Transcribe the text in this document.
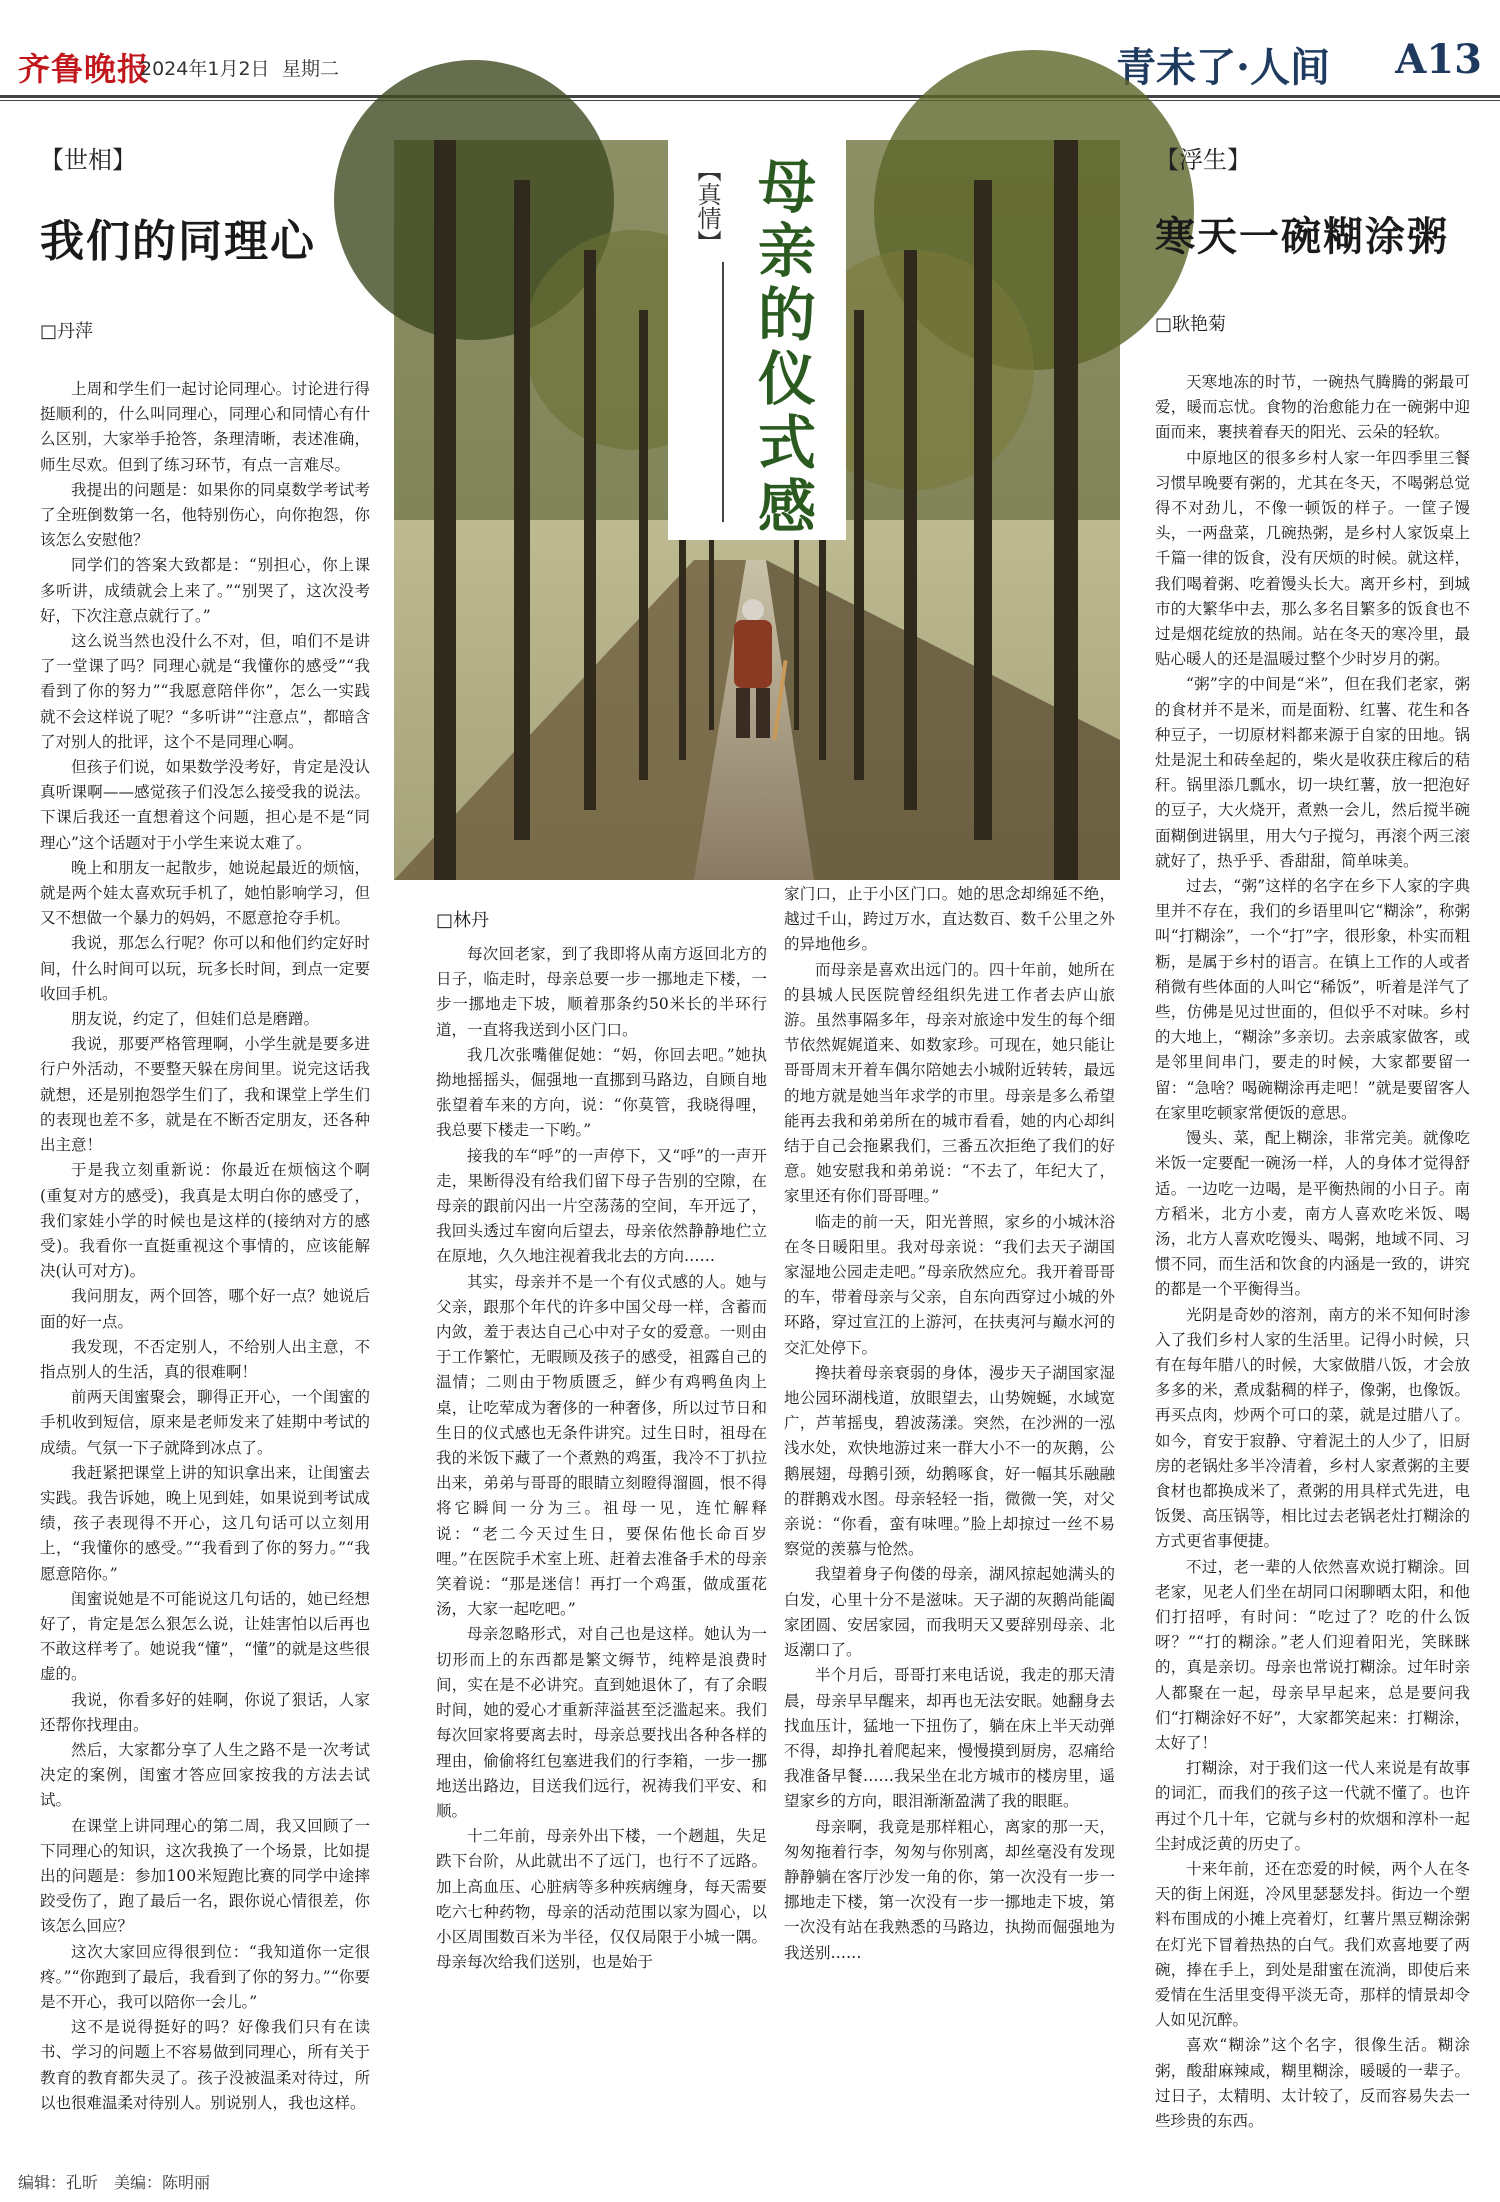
齐鲁晚报
2024年1月2日 星期二	青未了·人间 A13
【世相】
我们的同理心
□丹萍

上周和学生们一起讨论同理心。讨论进行得挺顺利的，什么叫同理心，同理心和同情心有什么区别，大家举手抢答，条理清晰，表述准确，师生尽欢。但到了练习环节，有点一言难尽。

我提出的问题是：如果你的同桌数学考试考了全班倒数第一名，他特别伤心，向你抱怨，你该怎么安慰他？

同学们的答案大致都是：“别担心，你上课多听讲，成绩就会上来了。”“别哭了，这次没考好，下次注意点就行了。”

这么说当然也没什么不对，但，咱们不是讲了一堂课了吗？同理心就是“我懂你的感受”“我看到了你的努力”“我愿意陪伴你”，怎么一实践就不会这样说了呢？“多听讲”“注意点”，都暗含了对别人的批评，这个不是同理心啊。

但孩子们说，如果数学没考好，肯定是没认真听课啊——感觉孩子们没怎么接受我的说法。下课后我还一直想着这个问题，担心是不是“同理心”这个话题对于小学生来说太难了。

晚上和朋友一起散步，她说起最近的烦恼，就是两个娃太喜欢玩手机了，她怕影响学习，但又不想做一个暴力的妈妈，不愿意抢夺手机。

我说，那怎么行呢？你可以和他们约定好时间，什么时间可以玩，玩多长时间，到点一定要收回手机。

朋友说，约定了，但娃们总是磨蹭。

我说，那要严格管理啊，小学生就是要多进行户外活动，不要整天躲在房间里。说完这话我就想，还是别抱怨学生们了，我和课堂上学生们的表现也差不多，就是在不断否定朋友，还各种出主意！

于是我立刻重新说：你最近在烦恼这个啊(重复对方的感受)，我真是太明白你的感受了，我们家娃小学的时候也是这样的(接纳对方的感受)。我看你一直挺重视这个事情的，应该能解决(认可对方)。

我问朋友，两个回答，哪个好一点？她说后面的好一点。

我发现，不否定别人，不给别人出主意，不指点别人的生活，真的很难啊！

前两天闺蜜聚会，聊得正开心，一个闺蜜的手机收到短信，原来是老师发来了娃期中考试的成绩。气氛一下子就降到冰点了。

我赶紧把课堂上讲的知识拿出来，让闺蜜去实践。我告诉她，晚上见到娃，如果说到考试成绩，孩子表现得不开心，这几句话可以立刻用上，“我懂你的感受。”“我看到了你的努力。”“我愿意陪你。”

闺蜜说她是不可能说这几句话的，她已经想好了，肯定是怎么狠怎么说，让娃害怕以后再也不敢这样考了。她说我“懂”，“懂”的就是这些很虚的。

我说，你看多好的娃啊，你说了狠话，人家还帮你找理由。

然后，大家都分享了人生之路不是一次考试决定的案例，闺蜜才答应回家按我的方法去试试。

在课堂上讲同理心的第二周，我又回顾了一下同理心的知识，这次我换了一个场景，比如提出的问题是：参加100米短跑比赛的同学中途摔跤受伤了，跑了最后一名，跟你说心情很差，你该怎么回应？

这次大家回应得很到位：“我知道你一定很疼。”“你跑到了最后，我看到了你的努力。”“你要是不开心，我可以陪你一会儿。”

这不是说得挺好的吗？好像我们只有在读书、学习的问题上不容易做到同理心，所有关于教育的教育都失灵了。孩子没被温柔对待过，所以也很难温柔对待别人。别说别人，我也这样。

【真情】 母亲的仪式感
□林丹

每次回老家，到了我即将从南方返回北方的日子，临走时，母亲总要一步一挪地走下楼，一步一挪地走下坡，顺着那条约50米长的半环行道，一直将我送到小区门口。

我几次张嘴催促她：“妈，你回去吧。”她执拗地摇摇头，倔强地一直挪到马路边，自顾自地张望着车来的方向，说：“你莫管，我晓得哩，我总要下楼走一下哟。”

接我的车“呼”的一声停下，又“呼”的一声开走，果断得没有给我们留下母子告别的空隙，在母亲的跟前闪出一片空荡荡的空间，车开远了，我回头透过车窗向后望去，母亲依然静静地伫立在原地，久久地注视着我北去的方向……

其实，母亲并不是一个有仪式感的人。她与父亲，跟那个年代的许多中国父母一样，含蓄而内敛，羞于表达自己心中对子女的爱意。一则由于工作繁忙，无暇顾及孩子的感受，祖露自己的温情；二则由于物质匮乏，鲜少有鸡鸭鱼肉上桌，让吃荤成为奢侈的一种奢侈，所以过节日和生日的仪式感也无条件讲究。过生日时，祖母在我的米饭下藏了一个煮熟的鸡蛋，我冷不丁扒拉出来，弟弟与哥哥的眼睛立刻瞪得溜圆，恨不得将它瞬间一分为三。祖母一见，连忙解释说：“老二今天过生日，要保佑他长命百岁哩。”在医院手术室上班、赶着去准备手术的母亲笑着说：“那是迷信！再打一个鸡蛋，做成蛋花汤，大家一起吃吧。”

母亲忽略形式，对自己也是这样。她认为一切形而上的东西都是繁文缛节，纯粹是浪费时间，实在是不必讲究。直到她退休了，有了余暇时间，她的爱心才重新萍溢甚至泛滥起来。我们每次回家将要离去时，母亲总要找出各种各样的理由，偷偷将红包塞进我们的行李箱，一步一挪地送出路边，目送我们远行，祝祷我们平安、和顺。

十二年前，母亲外出下楼，一个趔趄，失足跌下台阶，从此就出不了远门，也行不了远路。加上高血压、心脏病等多种疾病缠身，每天需要吃六七种药物，母亲的活动范围以家为圆心，以小区周围数百米为半径，仅仅局限于小城一隅。母亲每次给我们送别，也是始于

家门口，止于小区门口。她的思念却绵延不绝，越过千山，跨过万水，直达数百、数千公里之外的异地他乡。

而母亲是喜欢出远门的。四十年前，她所在的县城人民医院曾经组织先进工作者去庐山旅游。虽然事隔多年，母亲对旅途中发生的每个细节依然娓娓道来、如数家珍。可现在，她只能让哥哥周末开着车偶尔陪她去小城附近转转，最远的地方就是她当年求学的市里。母亲是多么希望能再去我和弟弟所在的城市看看，她的内心却纠结于自己会拖累我们，三番五次拒绝了我们的好意。她安慰我和弟弟说：“不去了，年纪大了，家里还有你们哥哥哩。”

临走的前一天，阳光普照，家乡的小城沐浴在冬日暖阳里。我对母亲说：“我们去天子湖国家湿地公园走走吧。”母亲欣然应允。我开着哥哥的车，带着母亲与父亲，自东向西穿过小城的外环路，穿过宣江的上游河，在扶夷河与巅水河的交汇处停下。

搀扶着母亲衰弱的身体，漫步天子湖国家湿地公园环湖栈道，放眼望去，山势婉蜒，水域宽广，芦苇摇曳，碧波荡漾。突然，在沙洲的一泓浅水处，欢快地游过来一群大小不一的灰鹅，公鹅展翅，母鹅引颈，幼鹅啄食，好一幅其乐融融的群鹅戏水图。母亲轻轻一指，微微一笑，对父亲说：“你看，蛮有味哩。”脸上却掠过一丝不易察觉的羡慕与怆然。

我望着身子佝偻的母亲，湖风掠起她满头的白发，心里十分不是滋味。天子湖的灰鹅尚能阖家团圆、安居家园，而我明天又要辞别母亲、北返潮口了。

半个月后，哥哥打来电话说，我走的那天清晨，母亲早早醒来，却再也无法安眠。她翻身去找血压计，猛地一下扭伤了，躺在床上半天动弹不得，却挣扎着爬起来，慢慢摸到厨房，忍痛给我准备早餐……我呆坐在北方城市的楼房里，遥望家乡的方向，眼泪渐渐盈满了我的眼眶。

母亲啊，我竟是那样粗心，离家的那一天，匆匆拖着行李，匆匆与你别离，却丝毫没有发现静静躺在客厅沙发一角的你，第一次没有一步一挪地走下楼，第一次没有一步一挪地走下坡，第一次没有站在我熟悉的马路边，执拗而倔强地为我送别……

【浮生】
寒天一碗糊涂粥
□耿艳菊

天寒地冻的时节，一碗热气腾腾的粥最可爱，暖而忘忧。食物的治愈能力在一碗粥中迎面而来，裹挟着春天的阳光、云朵的轻软。

中原地区的很多乡村人家一年四季里三餐习惯早晚要有粥的，尤其在冬天，不喝粥总觉得不对劲儿，不像一顿饭的样子。一筐子馒头，一两盘菜，几碗热粥，是乡村人家饭桌上千篇一律的饭食，没有厌烦的时候。就这样，我们喝着粥、吃着馒头长大。离开乡村，到城市的大繁华中去，那么多名目繁多的饭食也不过是烟花绽放的热闹。站在冬天的寒冷里，最贴心暖人的还是温暖过整个少时岁月的粥。

“粥”字的中间是“米”，但在我们老家，粥的食材并不是米，而是面粉、红薯、花生和各种豆子，一切原材料都来源于自家的田地。锅灶是泥土和砖垒起的，柴火是收获庄稼后的秸秆。锅里添几瓢水，切一块红薯，放一把泡好的豆子，大火烧开，煮熟一会儿，然后搅半碗面糊倒进锅里，用大勺子搅匀，再滚个两三滚就好了，热乎乎、香甜甜，简单味美。

过去，“粥”这样的名字在乡下人家的字典里并不存在，我们的乡语里叫它“糊涂”，称粥叫“打糊涂”，一个“打”字，很形象，朴实而粗粝，是属于乡村的语言。在镇上工作的人或者稍微有些体面的人叫它“稀饭”，听着是洋气了些，仿佛是见过世面的，但似乎不对味。乡村的大地上，“糊涂”多亲切。去亲戚家做客，或是邻里间串门，要走的时候，大家都要留一留：“急啥？喝碗糊涂再走吧！”就是要留客人在家里吃顿家常便饭的意思。

馒头、菜，配上糊涂，非常完美。就像吃米饭一定要配一碗汤一样，人的身体才觉得舒适。一边吃一边喝，是平衡热闹的小日子。南方稻米，北方小麦，南方人喜欢吃米饭、喝汤，北方人喜欢吃馒头、喝粥，地域不同、习惯不同，而生活和饮食的内涵是一致的，讲究的都是一个平衡得当。

光阴是奇妙的溶剂，南方的米不知何时渗入了我们乡村人家的生活里。记得小时候，只有在每年腊八的时候，大家做腊八饭，才会放多多的米，煮成黏稠的样子，像粥，也像饭。再买点肉，炒两个可口的菜，就是过腊八了。如今，育安于寂静、守着泥土的人少了，旧厨房的老锅灶多半冷清着，乡村人家煮粥的主要食材也都换成米了，煮粥的用具样式先进，电饭煲、高压锅等，相比过去老锅老灶打糊涂的方式更省事便捷。

不过，老一辈的人依然喜欢说打糊涂。回老家，见老人们坐在胡同口闲聊晒太阳，和他们打招呼，有时问：“吃过了？吃的什么饭呀？”“打的糊涂。”老人们迎着阳光，笑眯眯的，真是亲切。母亲也常说打糊涂。过年时亲人都聚在一起，母亲早早起来，总是要问我们“打糊涂好不好”，大家都笑起来：打糊涂，太好了！

打糊涂，对于我们这一代人来说是有故事的词汇，而我们的孩子这一代就不懂了。也许再过个几十年，它就与乡村的炊烟和淳朴一起尘封成泛黄的历史了。

十来年前，还在恋爱的时候，两个人在冬天的街上闲逛，冷风里瑟瑟发抖。街边一个塑料布围成的小摊上亮着灯，红薯片黑豆糊涂粥在灯光下冒着热热的白气。我们欢喜地要了两碗，捧在手上，到处是甜蜜在流淌，即使后来爱情在生活里变得平淡无奇，那样的情景却令人如见沉醉。

喜欢“糊涂”这个名字，很像生活。糊涂粥，酸甜麻辣咸，糊里糊涂，暖暖的一辈子。过日子，太精明、太计较了，反而容易失去一些珍贵的东西。

编辑：孔昕　美编：陈明丽
